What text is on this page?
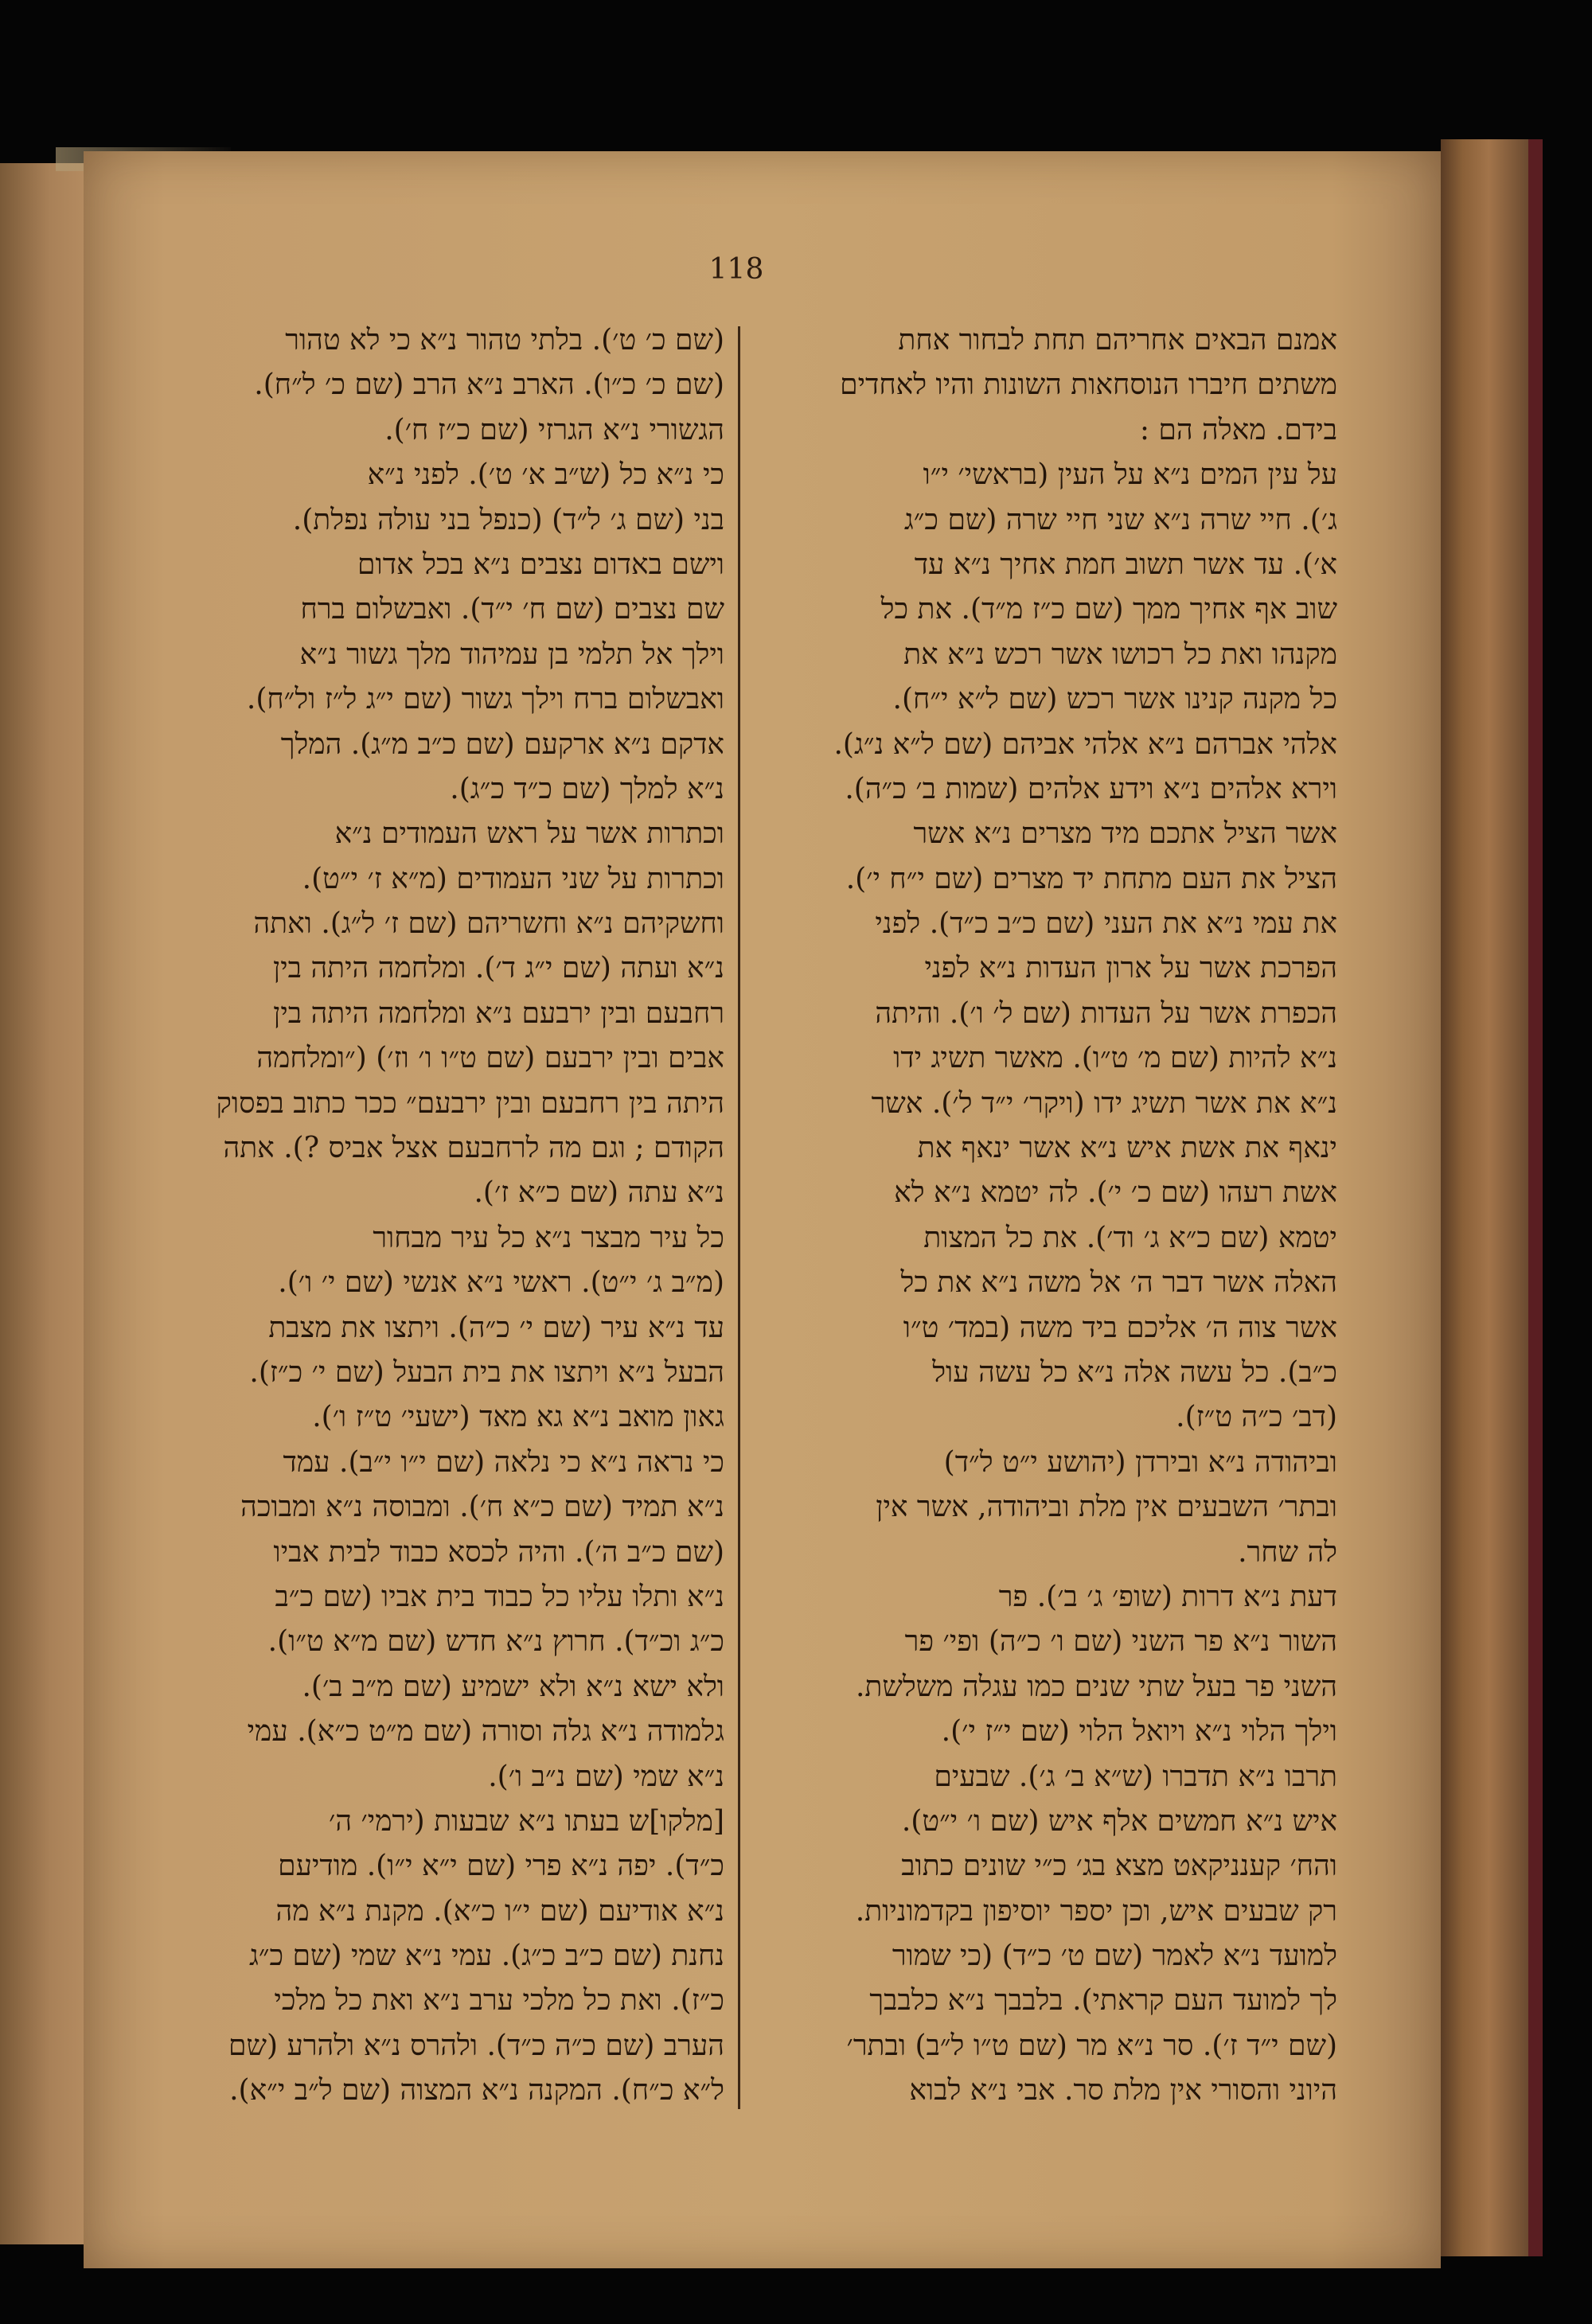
118
אמנם הבאים אחריהם תחת לבחור אחת
משתים חיברו הנוסחאות השונות והיו לאחדים
בידם. מאלה הם :
על עין המים נ״א על העין (בראשי׳ י״ו
ג׳). חיי שרה נ״א שני חיי שרה (שם כ״ג
א׳). עד אשר תשוב חמת אחיך נ״א עד
שוב אף אחיך ממך (שם כ״ז מ״ד). את כל
מקנהו ואת כל רכושו אשר רכש נ״א את
כל מקנה קנינו אשר רכש (שם ל״א י״ח).
אלהי אברהם נ״א אלהי אביהם (שם ל״א נ״ג).
וירא אלהים נ״א וידע אלהים (שמות ב׳ כ״ה).
אשר הציל אתכם מיד מצרים נ״א אשר
הציל את העם מתחת יד מצרים (שם י״ח י׳).
את עמי נ״א את העני (שם כ״ב כ״ד). לפני
הפרכת אשר על ארון העדות נ״א לפני
הכפרת אשר על העדות (שם ל׳ ו׳). והיתה
נ״א להיות (שם מ׳ ט״ו). מאשר תשיג ידו
נ״א את אשר תשיג ידו (ויקר׳ י״ד ל׳). אשר
ינאף את אשת איש נ״א אשר ינאף את
אשת רעהו (שם כ׳ י׳). לה יטמא נ״א לא
יטמא (שם כ״א ג׳ וד׳). את כל המצות
האלה אשר דבר ה׳ אל משה נ״א את כל
אשר צוה ה׳ אליכם ביד משה (במד׳ ט״ו
כ״ב). כל עשה אלה נ״א כל עשה עול
(דב׳ כ״ה ט״ז).
וביהודה נ״א ובירדן (יהושע י״ט ל״ד)
ובתר׳ השבעים אין מלת וביהודה, אשר אין
לה שחר.
דעת נ״א דרות (שופ׳ ג׳ ב׳). פר
השור נ״א פר השני (שם ו׳ כ״ה) ופי׳ פר
השני פר בעל שתי שנים כמו עגלה משלשת.
וילך הלוי נ״א ויואל הלוי (שם י״ז י׳).
תרבו נ״א תדברו (ש״א ב׳ ג׳). שבעים
איש נ״א חמשים אלף איש (שם ו׳ י״ט).
והח׳ קענניקאט מצא בג׳ כ״י שונים כתוב
רק שבעים איש, וכן יספר יוסיפון בקדמוניות.
למועד נ״א לאמר (שם ט׳ כ״ד) (כי שמור
לך למועד העם קראתי). בלבבך נ״א כלבבך
(שם י״ד ז׳). סר נ״א מר (שם ט״ו ל״ב) ובתר׳
היוני והסורי אין מלת סר. אבי נ״א לבוא
(שם כ׳ ט׳). בלתי טהור נ״א כי לא טהור
(שם כ׳ כ״ו). הארב נ״א הרב (שם כ׳ ל״ח).
הגשורי נ״א הגרזי (שם כ״ז ח׳).
כי נ״א כל (ש״ב א׳ ט׳). לפני נ״א
בני (שם ג׳ ל״ד) (כנפל בני עולה נפלת).
וישם באדום נצבים נ״א בכל אדום
שם נצבים (שם ח׳ י״ד). ואבשלום ברח
וילך אל תלמי בן עמיהוד מלך גשור נ״א
ואבשלום ברח וילך גשור (שם י״ג ל״ז ול״ח).
אדקם נ״א ארקעם (שם כ״ב מ״ג). המלך
נ״א למלך (שם כ״ד כ״ג).
וכתרות אשר על ראש העמודים נ״א
וכתרות על שני העמודים (מ״א ז׳ י״ט).
וחשקיהם נ״א וחשריהם (שם ז׳ ל״ג). ואתה
נ״א ועתה (שם י״ג ד׳). ומלחמה היתה בין
רחבעם ובין ירבעם נ״א ומלחמה היתה בין
אבים ובין ירבעם (שם ט״ו ו׳ וז׳) (״ומלחמה
היתה בין רחבעם ובין ירבעם״ ככר כתוב בפסוק
הקודם ; וגם מה לרחבעם אצל אביס ?). אתה
נ״א עתה (שם כ״א ז׳).
כל עיר מבצר נ״א כל עיר מבחור
(מ״ב ג׳ י״ט). ראשי נ״א אנשי (שם י׳ ו׳).
עד נ״א עיר (שם י׳ כ״ה). ויתצו את מצבת
הבעל נ״א ויתצו את בית הבעל (שם י׳ כ״ז).
גאון מואב נ״א גא מאד (ישעי׳ ט״ז ו׳).
כי נראה נ״א כי נלאה (שם י״ו י״ב). עמד
נ״א תמיד (שם כ״א ח׳). ומבוסה נ״א ומבוכה
(שם כ״ב ה׳). והיה לכסא כבוד לבית אביו
נ״א ותלו עליו כל כבוד בית אביו (שם כ״ב
כ״ג וכ״ד). חרוץ נ״א חדש (שם מ״א ט״ו).
ולא ישא נ״א ולא ישמיע (שם מ״ב ב׳).
גלמודה נ״א גלה וסורה (שם מ״ט כ״א). עמי
נ״א שמי (שם נ״ב ו׳).
[מלקו]ש בעתו נ״א שבעות (ירמי׳ ה׳
כ״ד). יפה נ״א פרי (שם י״א י״ו). מודיעם
נ״א אודיעם (שם י״ו כ״א). מקנת נ״א מה
נחנת (שם כ״ב כ״ג). עמי נ״א שמי (שם כ״ג
כ״ז). ואת כל מלכי ערב נ״א ואת כל מלכי
הערב (שם כ״ה כ״ד). ולהרס נ״א ולהרע (שם
ל״א כ״ח). המקנה נ״א המצוה (שם ל״ב י״א).
